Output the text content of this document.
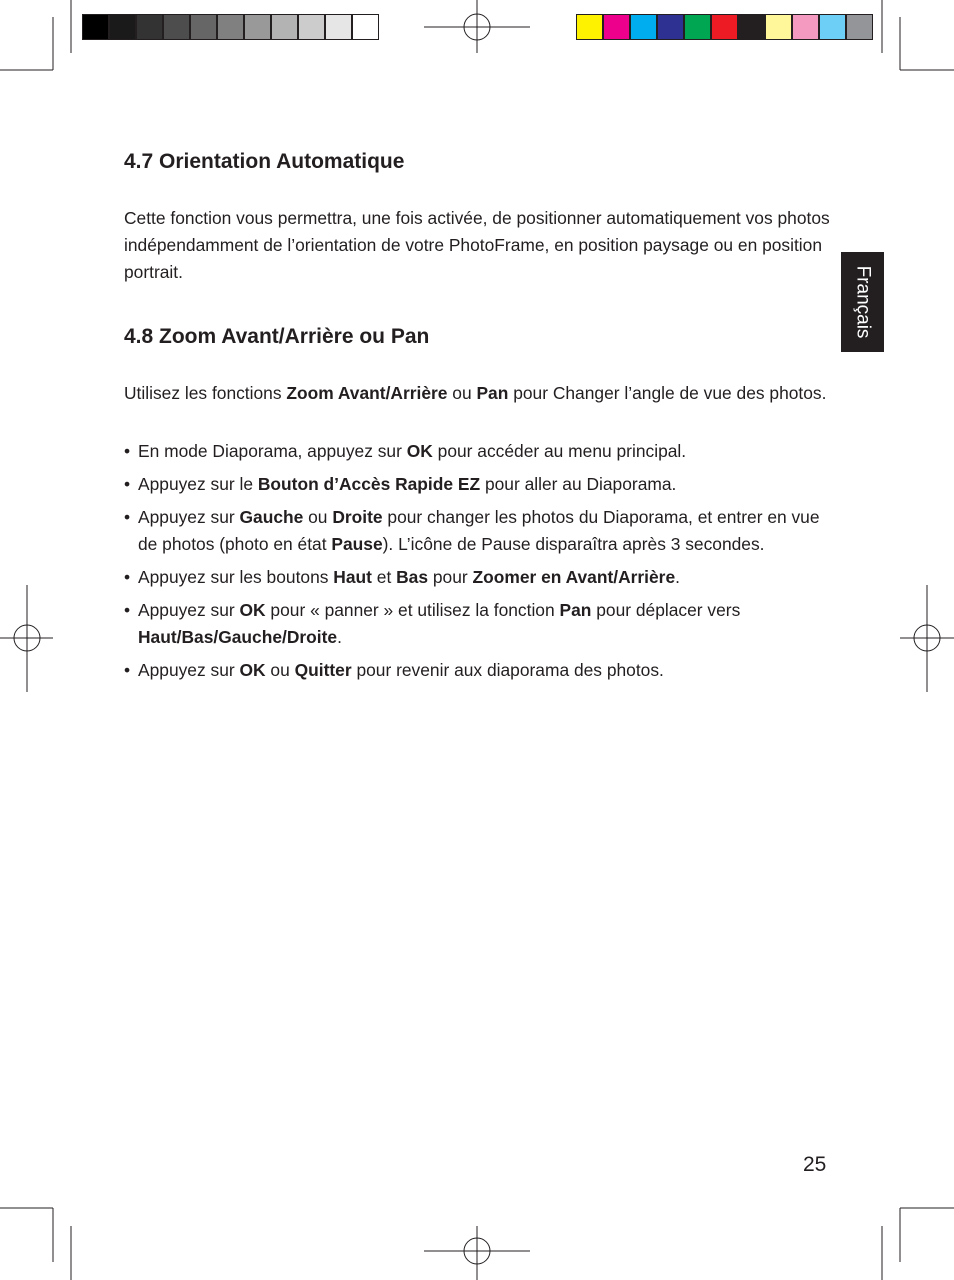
Français
4.7 Orientation Automatique

Cette fonction vous permettra, une fois activée, de positionner automatiquement vos photos indépendamment de l’orientation de votre PhotoFrame, en position paysage ou en position portrait.

4.8 Zoom Avant/Arrière ou Pan

Utilisez les fonctions Zoom Avant/Arrière ou Pan pour Changer l’angle de vue des photos.

• En mode Diaporama, appuyez sur OK pour accéder au menu principal.
• Appuyez sur le Bouton d’Accès Rapide EZ pour aller au Diaporama.
• Appuyez sur Gauche ou Droite pour changer les photos du Diaporama, et entrer en vue de photos (photo en état Pause). L’icône de Pause disparaîtra après 3 secondes.
• Appuyez sur les boutons Haut et Bas pour Zoomer en Avant/Arrière.
• Appuyez sur OK pour « panner » et utilisez la fonction Pan pour déplacer vers Haut/Bas/Gauche/Droite.
• Appuyez sur OK ou Quitter pour revenir aux diaporama des photos.
25
